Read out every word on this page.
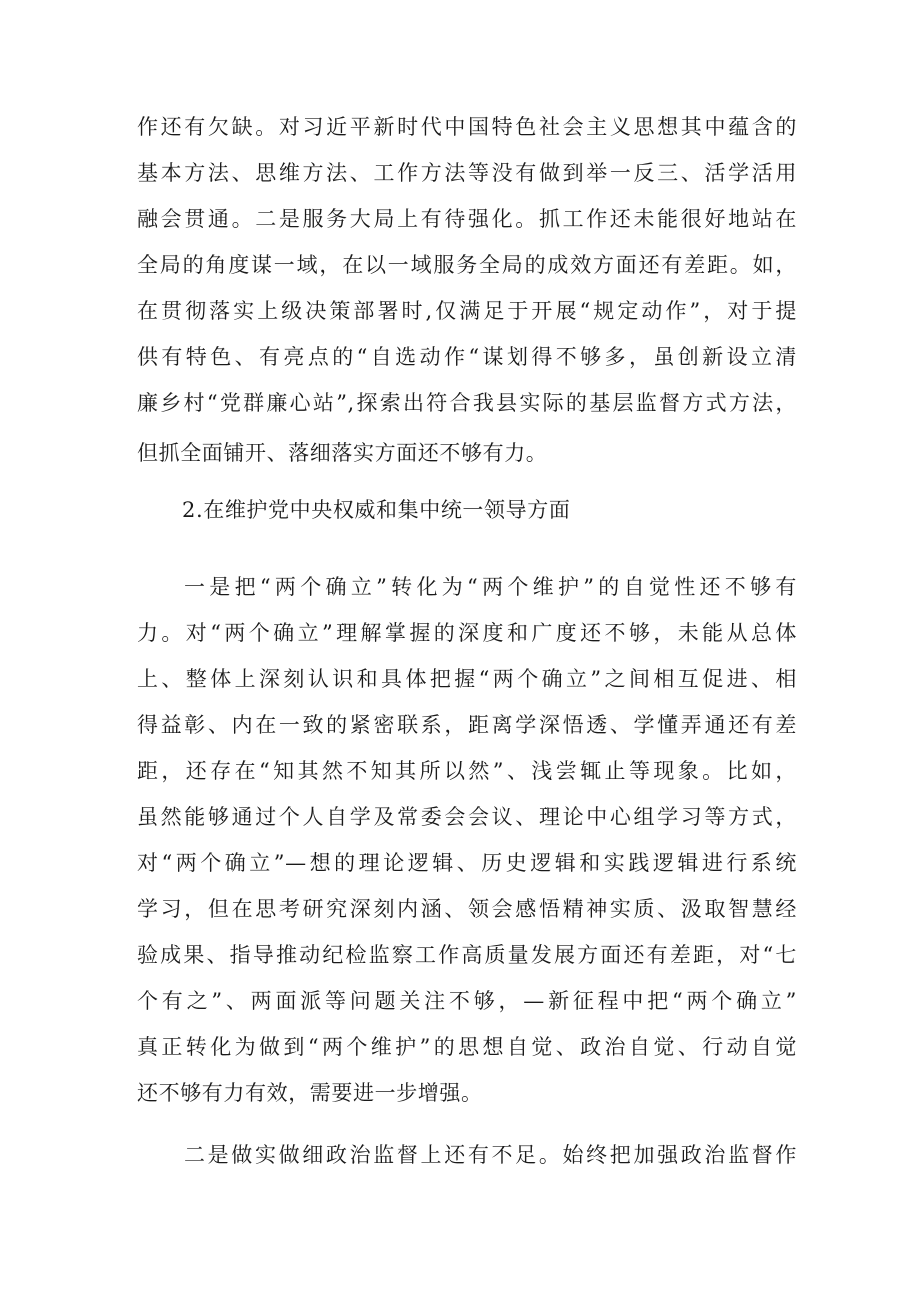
作还有欠缺。对习近平新时代中国特色社会主义思想其中蕴含的
基本方法、思维方法、工作方法等没有做到举一反三、活学活用
融会贯通。二是服务大局上有待强化。抓工作还未能很好地站在
全局的角度谋一域，在以一域服务全局的成效方面还有差距。如，
在贯彻落实上级决策部署时,仅满足于开展“规定动作”，对于提
供有特色、有亮点的“自选动作“谋划得不够多，虽创新设立清
廉乡村“党群廉心站”,探索出符合我县实际的基层监督方式方法，
但抓全面铺开、落细落实方面还不够有力。
2.在维护党中央权威和集中统一领导方面
一是把“两个确立”转化为“两个维护”的自觉性还不够有
力。对“两个确立”理解掌握的深度和广度还不够，未能从总体
上、整体上深刻认识和具体把握“两个确立”之间相互促进、相
得益彰、内在一致的紧密联系，距离学深悟透、学懂弄通还有差
距，还存在“知其然不知其所以然”、浅尝辄止等现象。比如，
虽然能够通过个人自学及常委会会议、理论中心组学习等方式，
对“两个确立”—想的理论逻辑、历史逻辑和实践逻辑进行系统
学习，但在思考研究深刻内涵、领会感悟精神实质、汲取智慧经
验成果、指导推动纪检监察工作高质量发展方面还有差距，对“七
个有之”、两面派等问题关注不够，—新征程中把“两个确立”
真正转化为做到“两个维护”的思想自觉、政治自觉、行动自觉
还不够有力有效，需要进一步增强。
二是做实做细政治监督上还有不足。始终把加强政治监督作
